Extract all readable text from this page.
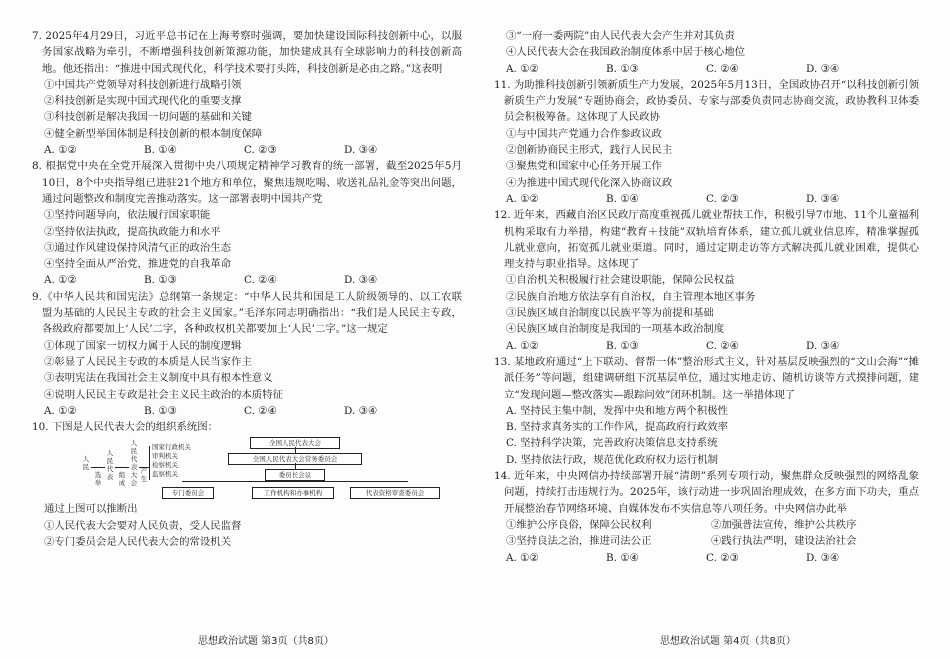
7. 2025年4月29日，习近平总书记在上海考察时强调，要加快建设国际科技创新中心，以服务国家战略为牵引，不断增强科技创新策源功能，加快建成具有全球影响力的科技创新高地。他还指出：“推进中国式现代化，科学技术要打头阵，科技创新是必由之路。”这表明
①中国共产党领导对科技创新进行战略引领
②科技创新是实现中国式现代化的重要支撑
③科技创新是解决我国一切问题的基础和关键
④健全新型举国体制是科技创新的根本制度保障
A. ①②	B. ①④	C. ②③	D. ③④
8. 根据党中央在全党开展深入贯彻中央八项规定精神学习教育的统一部署，截至2025年5月10日，8个中央指导组已进驻21个地方和单位，聚焦违规吃喝、收送礼品礼金等突出问题，通过问题整改和制度完善推动落实。这一部署表明中国共产党
①坚持问题导向，依法履行国家职能
②坚持依法执政，提高执政能力和水平
③通过作风建设保持风清气正的政治生态
④坚持全面从严治党，推进党的自我革命
A. ①②	B. ①③	C. ②④	D. ③④
9.《中华人民共和国宪法》总纲第一条规定：“中华人民共和国是工人阶级领导的、以工农联盟为基础的人民民主专政的社会主义国家。”毛泽东同志明确指出：“我们是人民民主专政，各级政府都要加上‘人民’二字，各种政权机关都要加上‘人民’二字。”这一规定
①体现了国家一切权力属于人民的制度逻辑
②彰显了人民民主专政的本质是人民当家作主
③表明宪法在我国社会主义制度中具有根本性意义
④说明人民民主专政是社会主义民主政治的本质特征
A. ①②	B. ①③	C. ②④	D. ③④
10. 下图是人民代表大会的组织系统图：
人民
选举
人民代表 组成
人民代表大会
产生
国家行政机关
审判机关
检察机关
监察机关
全国人民代表大会
全国人民代表大会常务委员会
委员长会议
专门委员会	工作机构和办事机构	代表资格审查委员会
通过上图可以推断出
①人民代表大会要对人民负责，受人民监督
②专门委员会是人民代表大会的常设机关
③“一府一委两院”由人民代表大会产生并对其负责
④人民代表大会在我国政治制度体系中居于核心地位
A. ①②	B. ①③	C. ②④	D. ③④
11. 为助推科技创新引领新质生产力发展，2025年5月13日，全国政协召开“以科技创新引领新质生产力发展”专题协商会，政协委员、专家与部委负责同志协商交流，政协教科卫体委员会积极筹备。这体现了人民政协
①与中国共产党通力合作参政议政
②创新协商民主形式，践行人民民主
③聚焦党和国家中心任务开展工作
④为推进中国式现代化深入协商议政
A. ①②	B. ①④	C. ②③	D. ③④
12. 近年来，西藏自治区民政厅高度重视孤儿就业帮扶工作，积极引导7市地、11个儿童福利机构采取有力举措，构建“教育＋技能”双轨培育体系，建立孤儿就业信息库，精准掌握孤儿就业意向，拓宽孤儿就业渠道。同时，通过定期走访等方式解决孤儿就业困难，提供心理支持与职业指导。这体现了
①自治机关积极履行社会建设职能，保障公民权益
②民族自治地方依法享有自治权，自主管理本地区事务
③民族区域自治制度以民族平等为前提和基础
④民族区域自治制度是我国的一项基本政治制度
A. ①②	B. ①③	C. ②④	D. ③④
13. 某地政府通过“上下联动、督帮一体”整治形式主义，针对基层反映强烈的“文山会海”“摊派任务”等问题，组建调研组下沉基层单位，通过实地走访、随机访谈等方式摸排问题，建立“发现问题—整改落实—跟踪问效”闭环机制。这一举措体现了
A. 坚持民主集中制，发挥中央和地方两个积极性
B. 坚持求真务实的工作作风，提高政府行政效率
C. 坚持科学决策，完善政府决策信息支持系统
D. 坚持依法行政，规范优化政府权力运行机制
14. 近年来，中央网信办持续部署开展“清朗”系列专项行动，聚焦群众反映强烈的网络乱象问题，持续打击违规行为。2025年，该行动进一步巩固治理成效，在多方面下功夫，重点开展整治春节网络环境、自媒体发布不实信息等八项任务。中央网信办此举
①维护公序良俗，保障公民权利	②加强普法宣传，维护公共秩序
③坚持良法之治，推进司法公正	④践行执法严明，建设法治社会
A. ①②	B. ①④	C. ②③	D. ③④
思想政治试题 第3页（共8页）	思想政治试题 第4页（共8页）
